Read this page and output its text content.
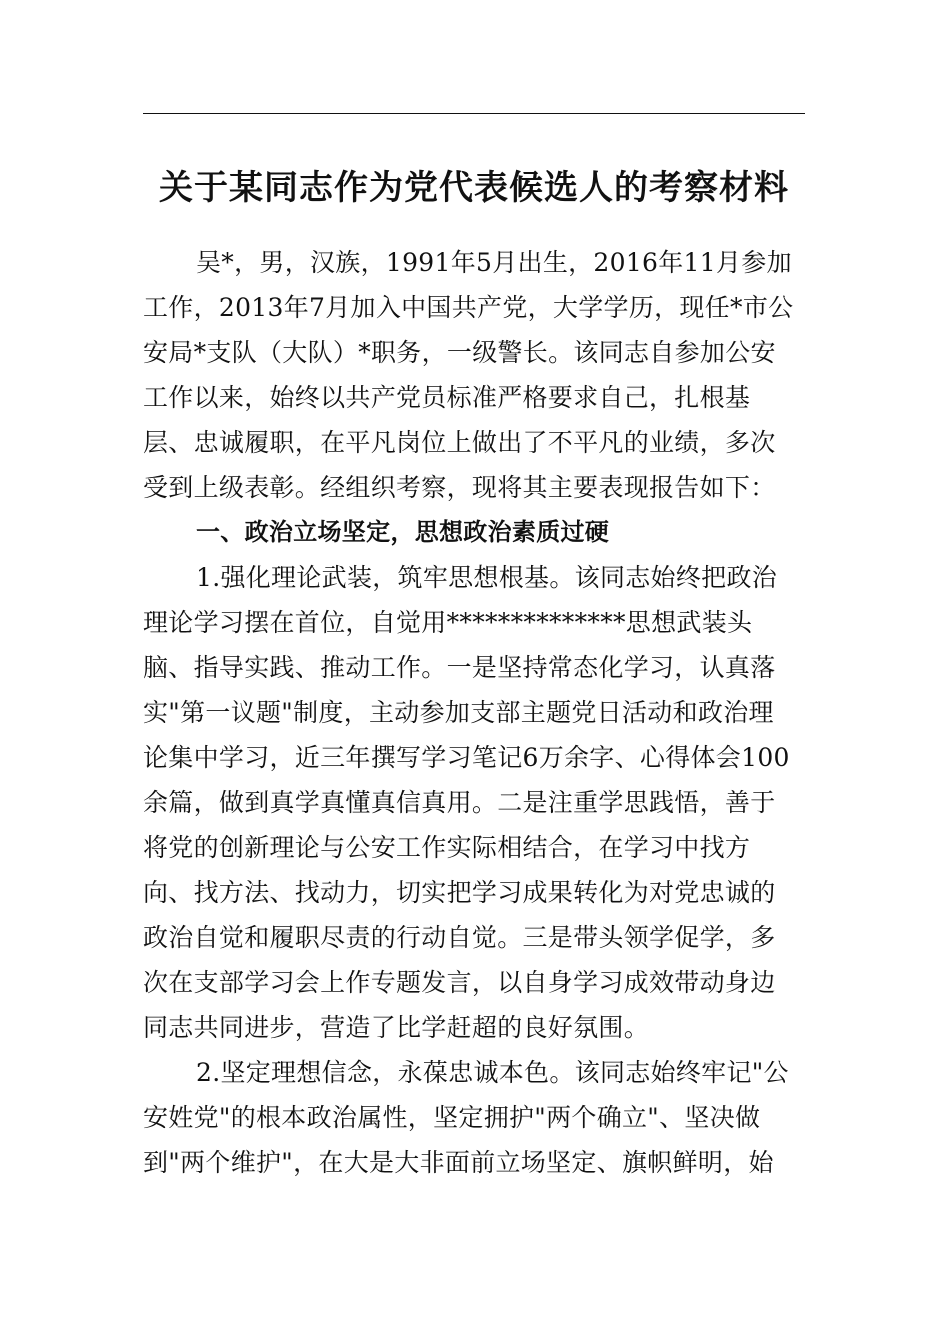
关于某同志作为党代表候选人的考察材料
吴*，男，汉族，1991年5月出生，2016年11月参加
工作，2013年7月加入中国共产党，大学学历，现任*市公
安局*支队（大队）*职务，一级警长。该同志自参加公安
工作以来，始终以共产党员标准严格要求自己，扎根基
层、忠诚履职，在平凡岗位上做出了不平凡的业绩，多次
受到上级表彰。经组织考察，现将其主要表现报告如下：
一、政治立场坚定，思想政治素质过硬
1.强化理论武装，筑牢思想根基。该同志始终把政治
理论学习摆在首位，自觉用**************思想武装头
脑、指导实践、推动工作。一是坚持常态化学习，认真落
实"第一议题"制度，主动参加支部主题党日活动和政治理
论集中学习，近三年撰写学习笔记6万余字、心得体会100
余篇，做到真学真懂真信真用。二是注重学思践悟，善于
将党的创新理论与公安工作实际相结合，在学习中找方
向、找方法、找动力，切实把学习成果转化为对党忠诚的
政治自觉和履职尽责的行动自觉。三是带头领学促学，多
次在支部学习会上作专题发言，以自身学习成效带动身边
同志共同进步，营造了比学赶超的良好氛围。
2.坚定理想信念，永葆忠诚本色。该同志始终牢记"公
安姓党"的根本政治属性，坚定拥护"两个确立"、坚决做
到"两个维护"，在大是大非面前立场坚定、旗帜鲜明，始
